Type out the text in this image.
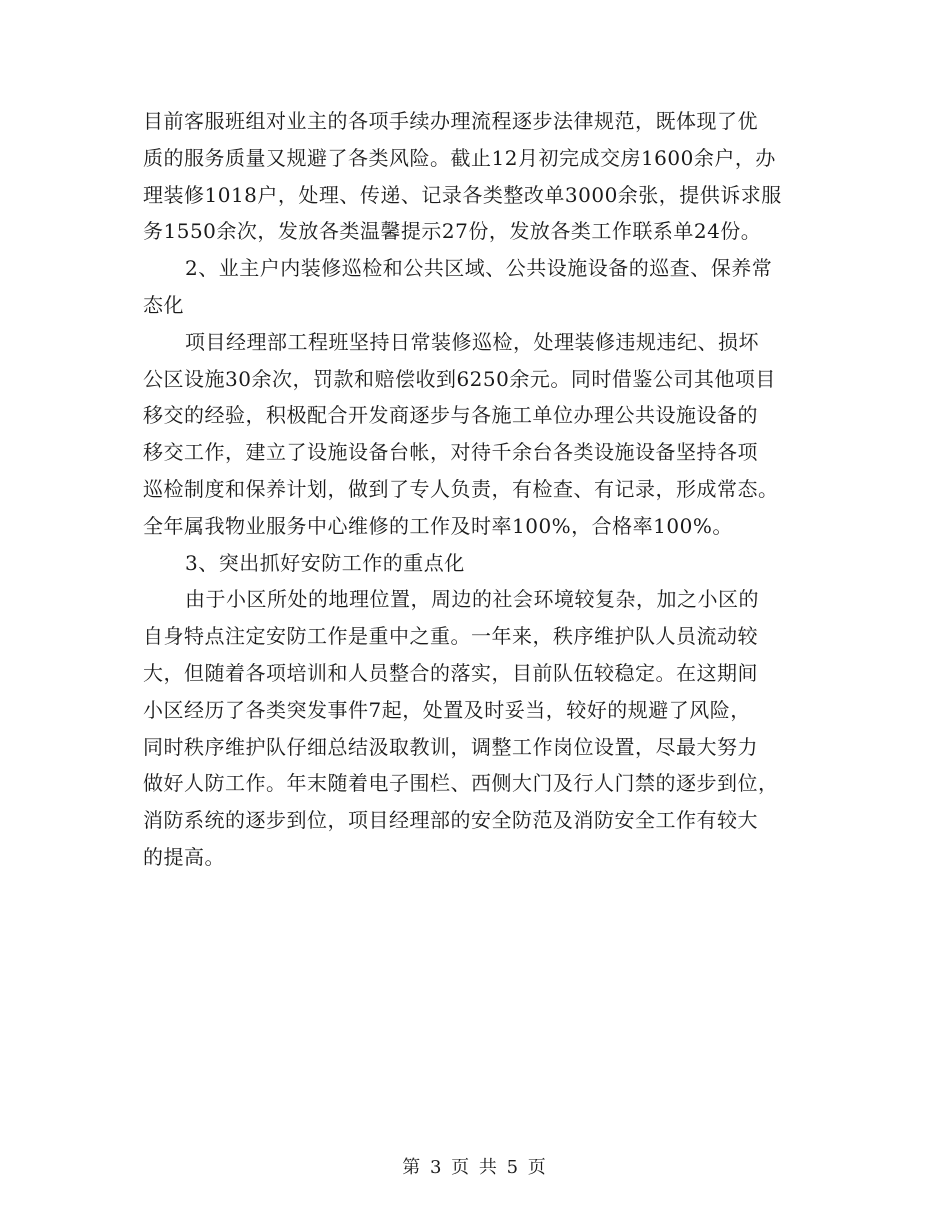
目前客服班组对业主的各项手续办理流程逐步法律规范，既体现了优
质的服务质量又规避了各类风险。截止12月初完成交房1600余户，办
理装修1018户，处理、传递、记录各类整改单3000余张，提供诉求服
务1550余次，发放各类温馨提示27份，发放各类工作联系单24份。
2、业主户内装修巡检和公共区域、公共设施设备的巡查、保养常
态化
项目经理部工程班坚持日常装修巡检，处理装修违规违纪、损坏
公区设施30余次，罚款和赔偿收到6250余元。同时借鉴公司其他项目
移交的经验，积极配合开发商逐步与各施工单位办理公共设施设备的
移交工作，建立了设施设备台帐，对待千余台各类设施设备坚持各项
巡检制度和保养计划，做到了专人负责，有检查、有记录，形成常态。
全年属我物业服务中心维修的工作及时率100%，合格率100%。
3、突出抓好安防工作的重点化
由于小区所处的地理位置，周边的社会环境较复杂，加之小区的
自身特点注定安防工作是重中之重。一年来，秩序维护队人员流动较
大，但随着各项培训和人员整合的落实，目前队伍较稳定。在这期间
小区经历了各类突发事件7起，处置及时妥当，较好的规避了风险，
同时秩序维护队仔细总结汲取教训，调整工作岗位设置，尽最大努力
做好人防工作。年末随着电子围栏、西侧大门及行人门禁的逐步到位，
消防系统的逐步到位，项目经理部的安全防范及消防安全工作有较大
的提高。
第 3 页 共 5 页
